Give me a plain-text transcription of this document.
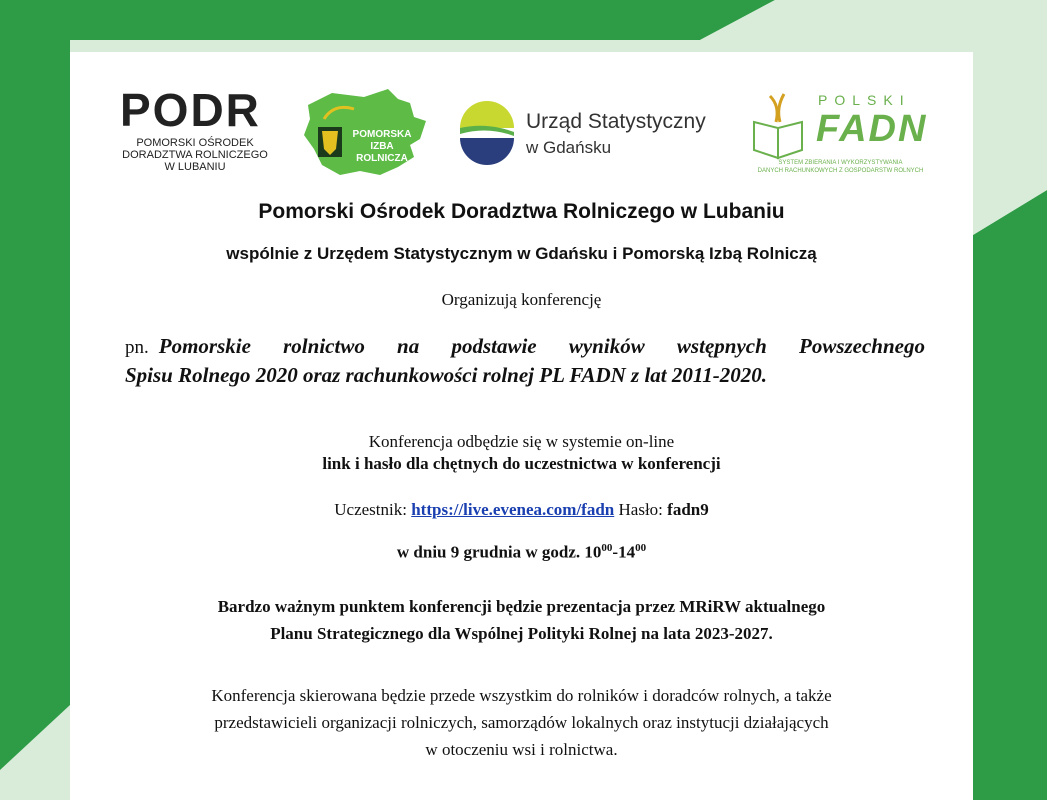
PODR
POMORSKI OŚRODEK
DORADZTWA ROLNICZEGO
W LUBANIU
POMORSKA
IZBA
ROLNICZA
Urząd Statystyczny
w Gdańsku
POLSKI
FADN
SYSTEM ZBIERANIA I WYKORZYSTYWANIA
DANYCH RACHUNKOWYCH Z GOSPODARSTW ROLNYCH
Pomorski Ośrodek Doradztwa Rolniczego w Lubaniu
wspólnie z Urzędem Statystycznym w Gdańsku i Pomorską Izbą Rolniczą
Organizują konferencję
pn. Pomorskie rolnictwo na podstawie wyników wstępnych Powszechnego
Spisu Rolnego 2020 oraz rachunkowości rolnej PL FADN z lat 2011-2020.
Konferencja odbędzie się w systemie on-line
link i hasło dla chętnych do uczestnictwa w konferencji
Uczestnik: https://live.evenea.com/fadn Hasło: fadn9
w dniu 9 grudnia w godz. $10^{00}-14^{00}$
Bardzo ważnym punktem konferencji będzie prezentacja przez MRiRW aktualnego
Planu Strategicznego dla Wspólnej Polityki Rolnej na lata 2023-2027.
Konferencja skierowana będzie przede wszystkim do rolników i doradców rolnych, a także
przedstawicieli organizacji rolniczych, samorządów lokalnych oraz instytucji działających
w otoczeniu wsi i rolnictwa.
